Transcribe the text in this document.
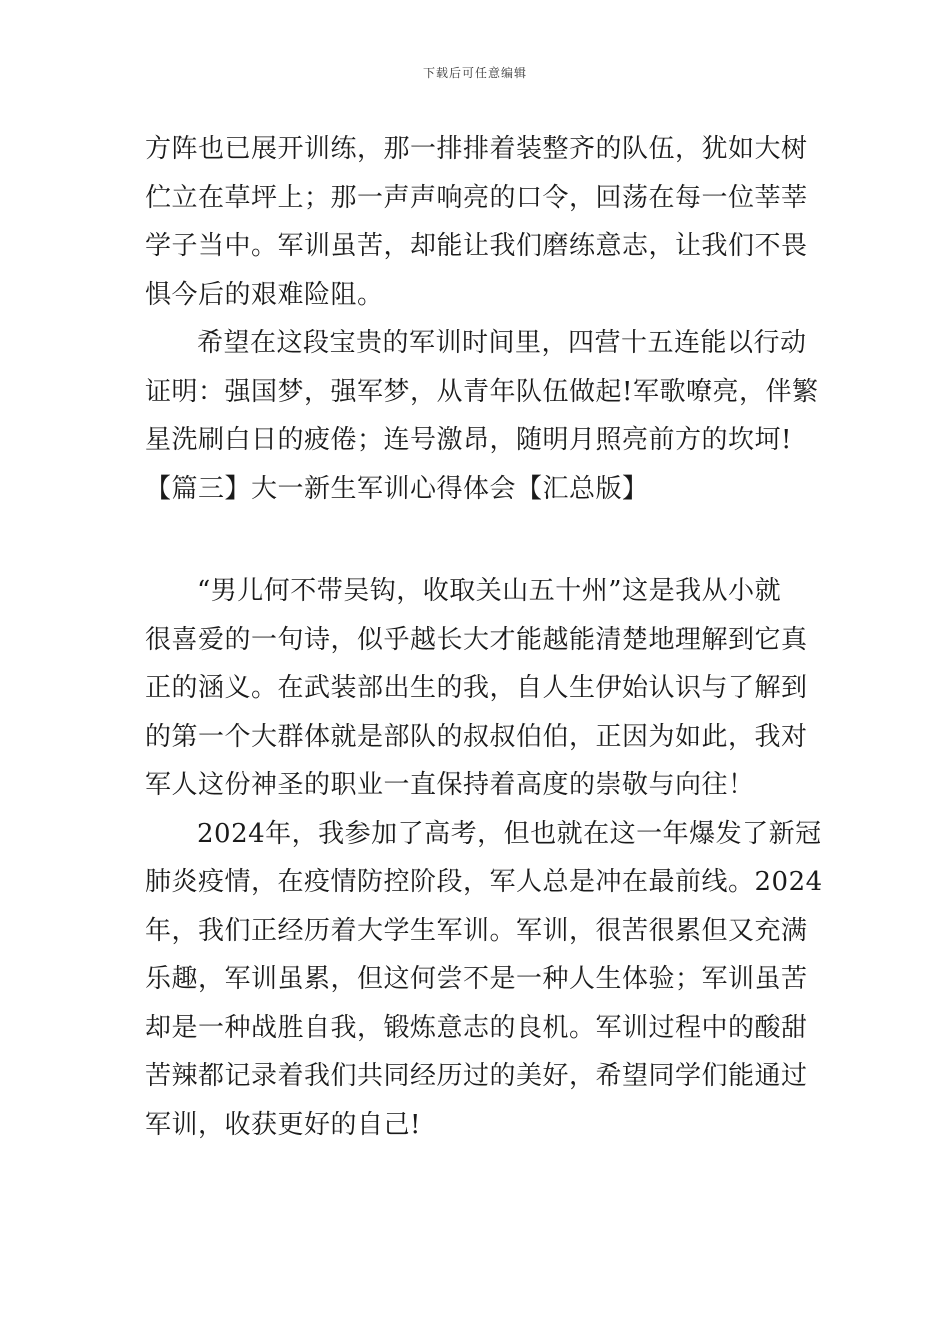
下载后可任意编辑
方阵也已展开训练，那一排排着装整齐的队伍，犹如大树
伫立在草坪上；那一声声响亮的口令，回荡在每一位莘莘
学子当中。军训虽苦，却能让我们磨练意志，让我们不畏
惧今后的艰难险阻。
希望在这段宝贵的军训时间里，四营十五连能以行动
证明：强国梦，强军梦，从青年队伍做起!军歌嘹亮，伴繁
星洗刷白日的疲倦；连号激昂，随明月照亮前方的坎坷!
【篇三】大一新生军训心得体会【汇总版】
“男儿何不带吴钩，收取关山五十州”这是我从小就
很喜爱的一句诗，似乎越长大才能越能清楚地理解到它真
正的涵义。在武装部出生的我，自人生伊始认识与了解到
的第一个大群体就是部队的叔叔伯伯，正因为如此，我对
军人这份神圣的职业一直保持着高度的崇敬与向往！
2024年，我参加了高考，但也就在这一年爆发了新冠
肺炎疫情，在疫情防控阶段，军人总是冲在最前线。2024
年，我们正经历着大学生军训。军训，很苦很累但又充满
乐趣，军训虽累，但这何尝不是一种人生体验；军训虽苦
却是一种战胜自我，锻炼意志的良机。军训过程中的酸甜
苦辣都记录着我们共同经历过的美好，希望同学们能通过
军训，收获更好的自己!
